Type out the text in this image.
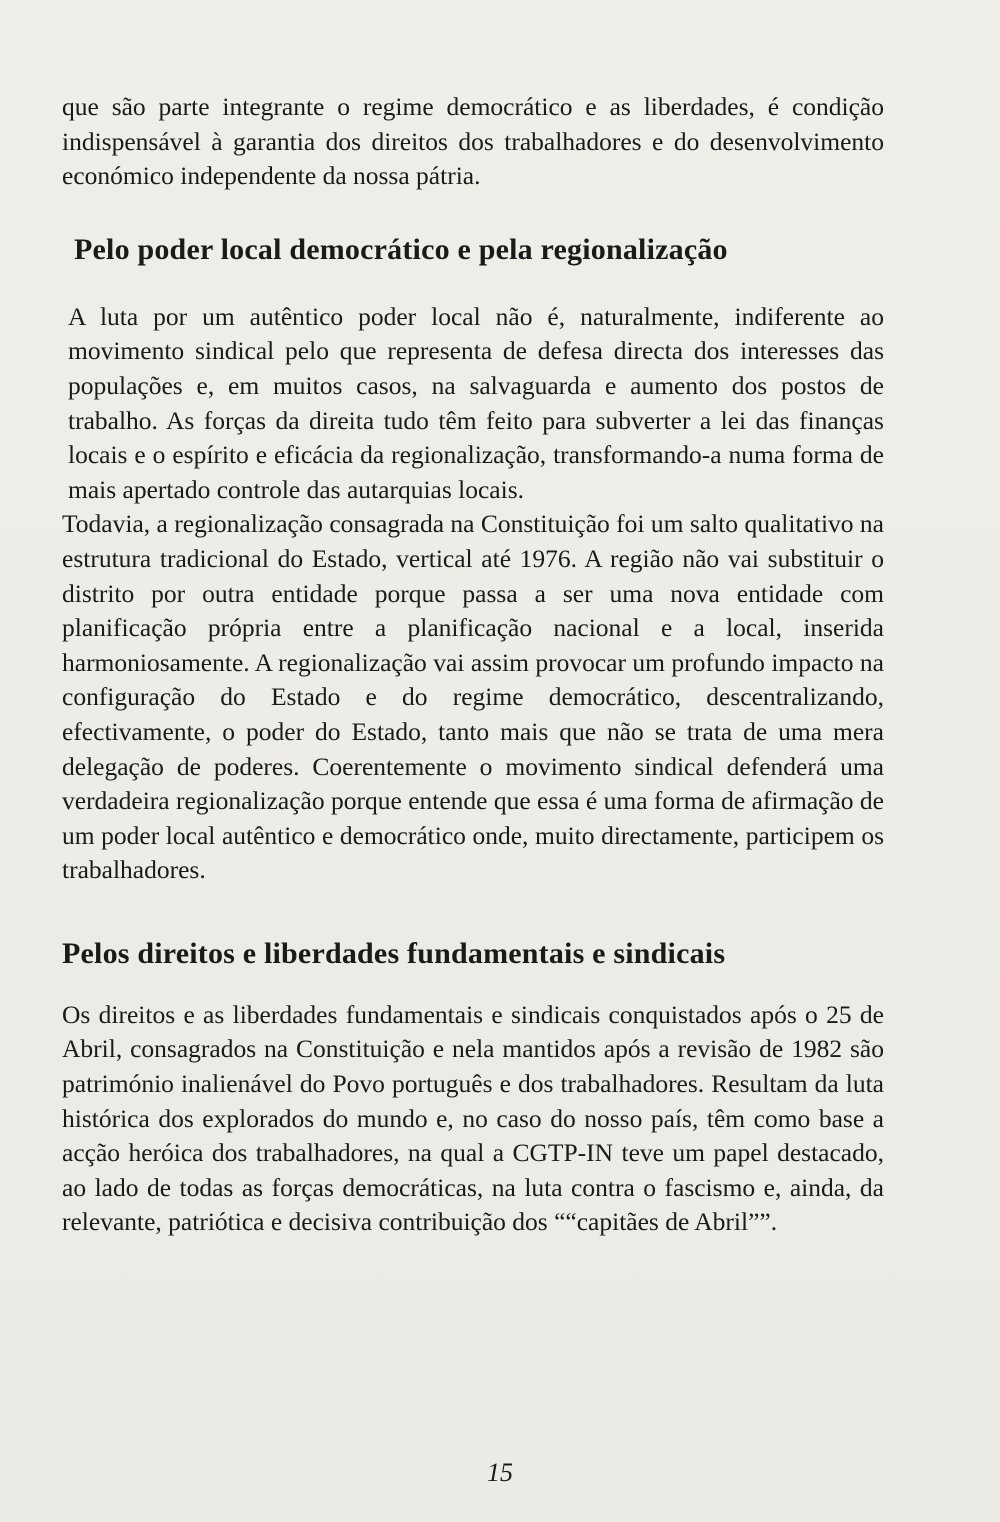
que são parte integrante o regime democrático e as liberdades, é condição indispensável à garantia dos direitos dos trabalhadores e do desenvolvimento económico independente da nossa pátria.

Pelo poder local democrático e pela regionalização

A luta por um autêntico poder local não é, naturalmente, indiferente ao movimento sindical pelo que representa de defesa directa dos interesses das populações e, em muitos casos, na salvaguarda e aumento dos postos de trabalho. As forças da direita tudo têm feito para subverter a lei das finanças locais e o espírito e eficácia da regionalização, transformando-a numa forma de mais apertado controle das autarquias locais.

Todavia, a regionalização consagrada na Constituição foi um salto qualitativo na estrutura tradicional do Estado, vertical até 1976. A região não vai substituir o distrito por outra entidade porque passa a ser uma nova entidade com planificação própria entre a planificação nacional e a local, inserida harmoniosamente. A regionalização vai assim provocar um profundo impacto na configuração do Estado e do regime democrático, descentralizando, efectivamente, o poder do Estado, tanto mais que não se trata de uma mera delegação de poderes. Coerentemente o movimento sindical defenderá uma verdadeira regionalização porque entende que essa é uma forma de afirmação de um poder local autêntico e democrático onde, muito directamente, participem os trabalhadores.

Pelos direitos e liberdades fundamentais e sindicais

Os direitos e as liberdades fundamentais e sindicais conquistados após o 25 de Abril, consagrados na Constituição e nela mantidos após a revisão de 1982 são património inalienável do Povo português e dos trabalhadores. Resultam da luta histórica dos explorados do mundo e, no caso do nosso país, têm como base a acção heróica dos trabalhadores, na qual a CGTP-IN teve um papel destacado, ao lado de todas as forças democráticas, na luta contra o fascismo e, ainda, da relevante, patriótica e decisiva contribuição dos ““capitães de Abril””.

15
